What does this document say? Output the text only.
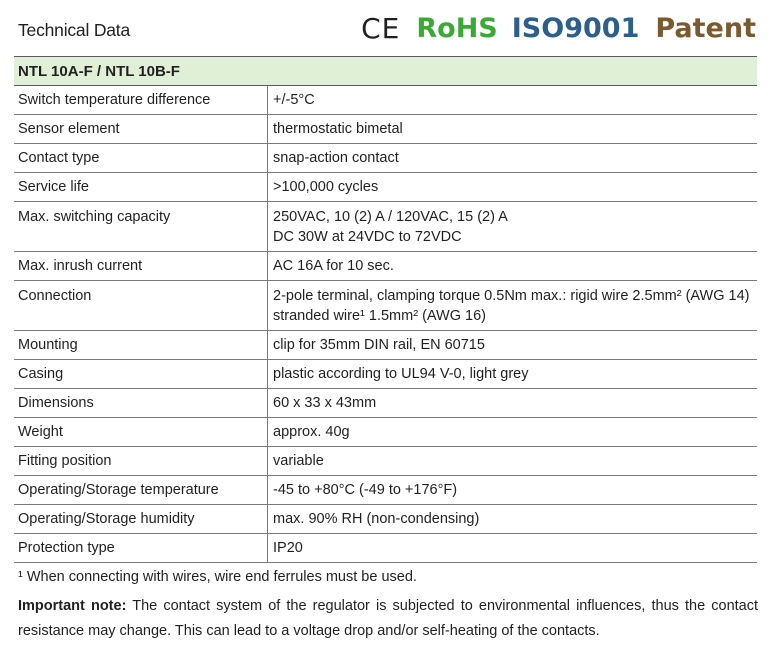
Technical Data	CE RoHS ISO9001 Patent
NTL 10A-F / NTL 10B-F
Switch temperature difference	+/-5°C
Sensor element	thermostatic bimetal
Contact type	snap-action contact
Service life	>100,000 cycles
Max. switching capacity	250VAC, 10 (2) A / 120VAC, 15 (2) A
DC 30W at 24VDC to 72VDC
Max. inrush current	AC 16A for 10 sec.
Connection	2-pole terminal, clamping torque 0.5Nm max.: rigid wire 2.5mm² (AWG 14)
stranded wire¹ 1.5mm² (AWG 16)
Mounting	clip for 35mm DIN rail, EN 60715
Casing	plastic according to UL94 V-0, light grey
Dimensions	60 x 33 x 43mm
Weight	approx. 40g
Fitting position	variable
Operating/Storage temperature	-45 to +80°C (-49 to +176°F)
Operating/Storage humidity	max. 90% RH (non-condensing)
Protection type	IP20
¹ When connecting with wires, wire end ferrules must be used.
Important note: The contact system of the regulator is subjected to environmental influences, thus the contact resistance may change. This can lead to a voltage drop and/or self-heating of the contacts.
